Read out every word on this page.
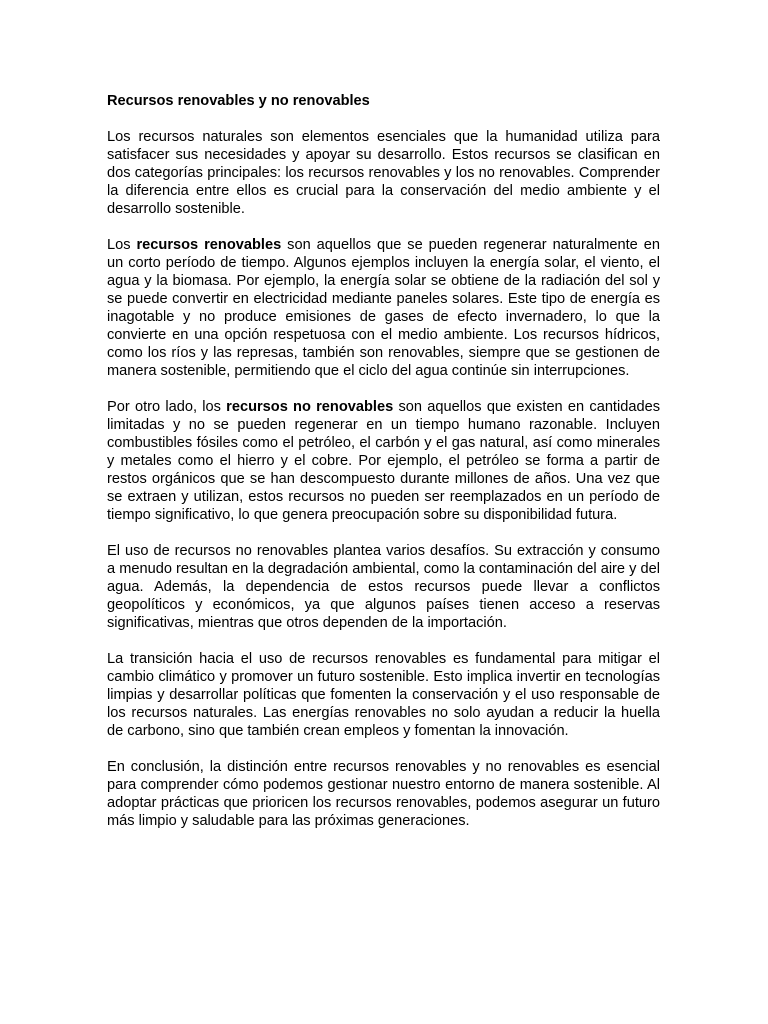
Recursos renovables y no renovables

Los recursos naturales son elementos esenciales que la humanidad utiliza para satisfacer sus necesidades y apoyar su desarrollo. Estos recursos se clasifican en dos categorías principales: los recursos renovables y los no renovables. Comprender la diferencia entre ellos es crucial para la conservación del medio ambiente y el desarrollo sostenible.

Los recursos renovables son aquellos que se pueden regenerar naturalmente en un corto período de tiempo. Algunos ejemplos incluyen la energía solar, el viento, el agua y la biomasa. Por ejemplo, la energía solar se obtiene de la radiación del sol y se puede convertir en electricidad mediante paneles solares. Este tipo de energía es inagotable y no produce emisiones de gases de efecto invernadero, lo que la convierte en una opción respetuosa con el medio ambiente. Los recursos hídricos, como los ríos y las represas, también son renovables, siempre que se gestionen de manera sostenible, permitiendo que el ciclo del agua continúe sin interrupciones.

Por otro lado, los recursos no renovables son aquellos que existen en cantidades limitadas y no se pueden regenerar en un tiempo humano razonable. Incluyen combustibles fósiles como el petróleo, el carbón y el gas natural, así como minerales y metales como el hierro y el cobre. Por ejemplo, el petróleo se forma a partir de restos orgánicos que se han descompuesto durante millones de años. Una vez que se extraen y utilizan, estos recursos no pueden ser reemplazados en un período de tiempo significativo, lo que genera preocupación sobre su disponibilidad futura.

El uso de recursos no renovables plantea varios desafíos. Su extracción y consumo a menudo resultan en la degradación ambiental, como la contaminación del aire y del agua. Además, la dependencia de estos recursos puede llevar a conflictos geopolíticos y económicos, ya que algunos países tienen acceso a reservas significativas, mientras que otros dependen de la importación.

La transición hacia el uso de recursos renovables es fundamental para mitigar el cambio climático y promover un futuro sostenible. Esto implica invertir en tecnologías limpias y desarrollar políticas que fomenten la conservación y el uso responsable de los recursos naturales. Las energías renovables no solo ayudan a reducir la huella de carbono, sino que también crean empleos y fomentan la innovación.

En conclusión, la distinción entre recursos renovables y no renovables es esencial para comprender cómo podemos gestionar nuestro entorno de manera sostenible. Al adoptar prácticas que prioricen los recursos renovables, podemos asegurar un futuro más limpio y saludable para las próximas generaciones.
